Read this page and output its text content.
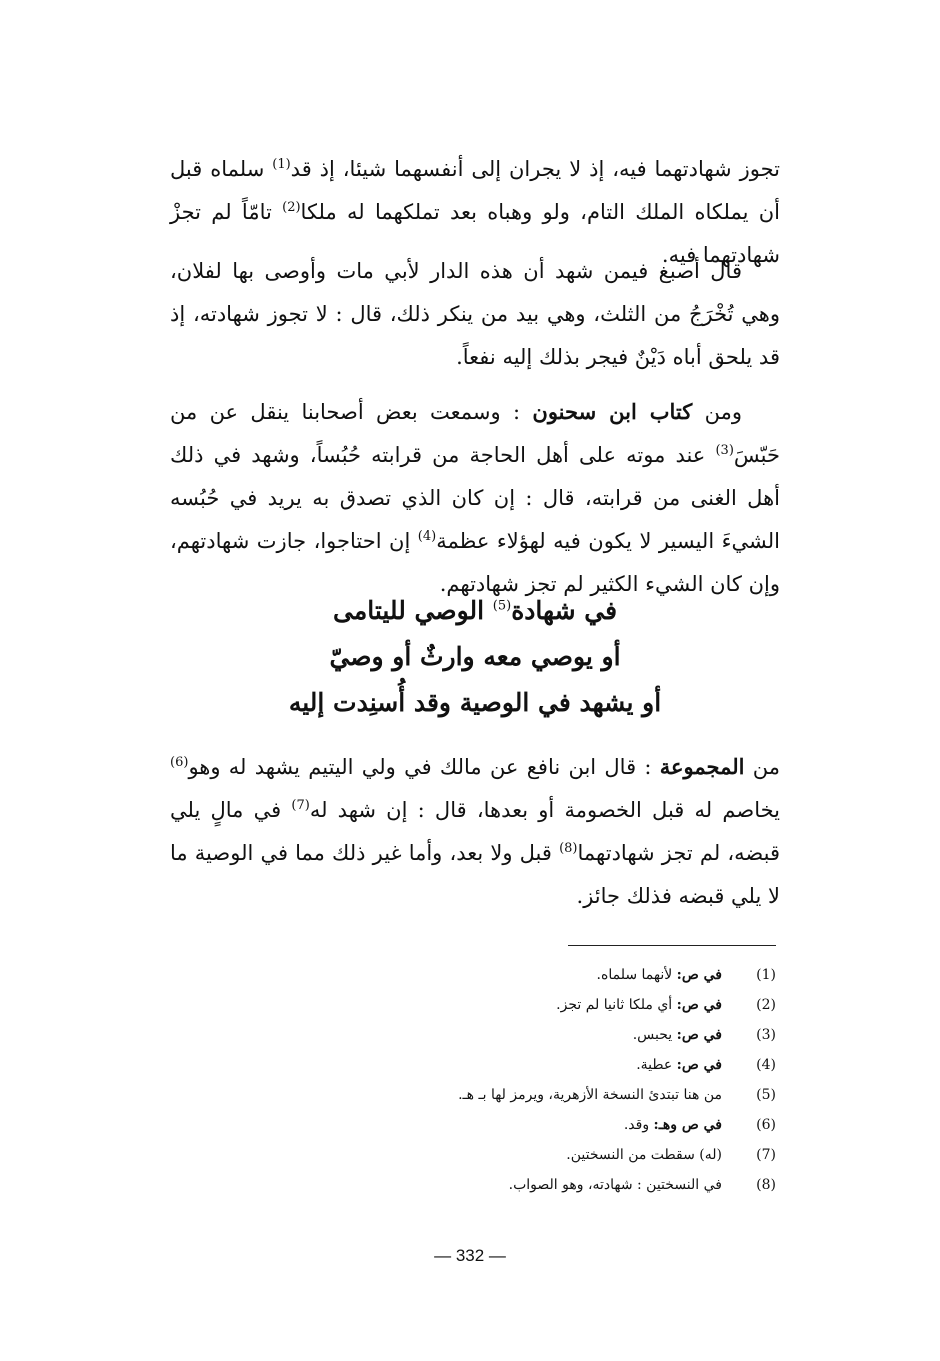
تجوز شهادتهما فيه، إذ لا يجران إلى أنفسهما شيئا، إذ قد$^{(1)}$ سلماه قبل أن يملكاه الملك التام، ولو وهباه بعد تملكهما له ملكا$^{(2)}$ تامّاً لم تجزْ شهادتهما فيه.

قال أصبغ فيمن شهد أن هذه الدار لأبي مات وأوصى بها لفلان، وهي تُخْرَجُ من الثلث، وهي بيد من ينكر ذلك، قال : لا تجوز شهادته، إذ قد يلحق أباه دَيْنٌ فيجر بذلك إليه نفعاً.

ومن كتاب ابن سحنون : وسمعت بعض أصحابنا ينقل عن من حَبّسَ$^{(3)}$ عند موته على أهل الحاجة من قرابته حُبُساً، وشهد في ذلك أهل الغنى من قرابته، قال : إن كان الذي تصدق به يريد في حُبُسه الشيءَ اليسير لا يكون فيه لهؤلاء عظمة$^{(4)}$ إن احتاجوا، جازت شهادتهم، وإن كان الشيء الكثير لم تجز شهادتهم.

في شهادة$^{(5)}$ الوصي لليتامى
أو يوصي معه وارثٌ أو وصيّ
أو يشهد في الوصية وقد أُسنِدت إليه

من المجموعة : قال ابن نافع عن مالك في ولي اليتيم يشهد له وهو$^{(6)}$ يخاصم له قبل الخصومة أو بعدها، قال : إن شهد له$^{(7)}$ في مالٍ يلي قبضه، لم تجز شهادتهما$^{(8)}$ قبل ولا بعد، وأما غير ذلك مما في الوصية ما لا يلي قبضه فذلك جائز.

(1)
في ص: لأنهما سلماه.
(2)
في ص: أي ملكا ثانيا لم تجز.
(3)
في ص: يحبس.
(4)
في ص: عطية.
(5)
من هنا تبتدئ النسخة الأزهرية، ويرمز لها بـ هـ.
(6)
في ص وهـ: وقد.
(7)
(له) سقطت من النسختين.
(8)
في النسختين : شهادته، وهو الصواب.
— 332 —
